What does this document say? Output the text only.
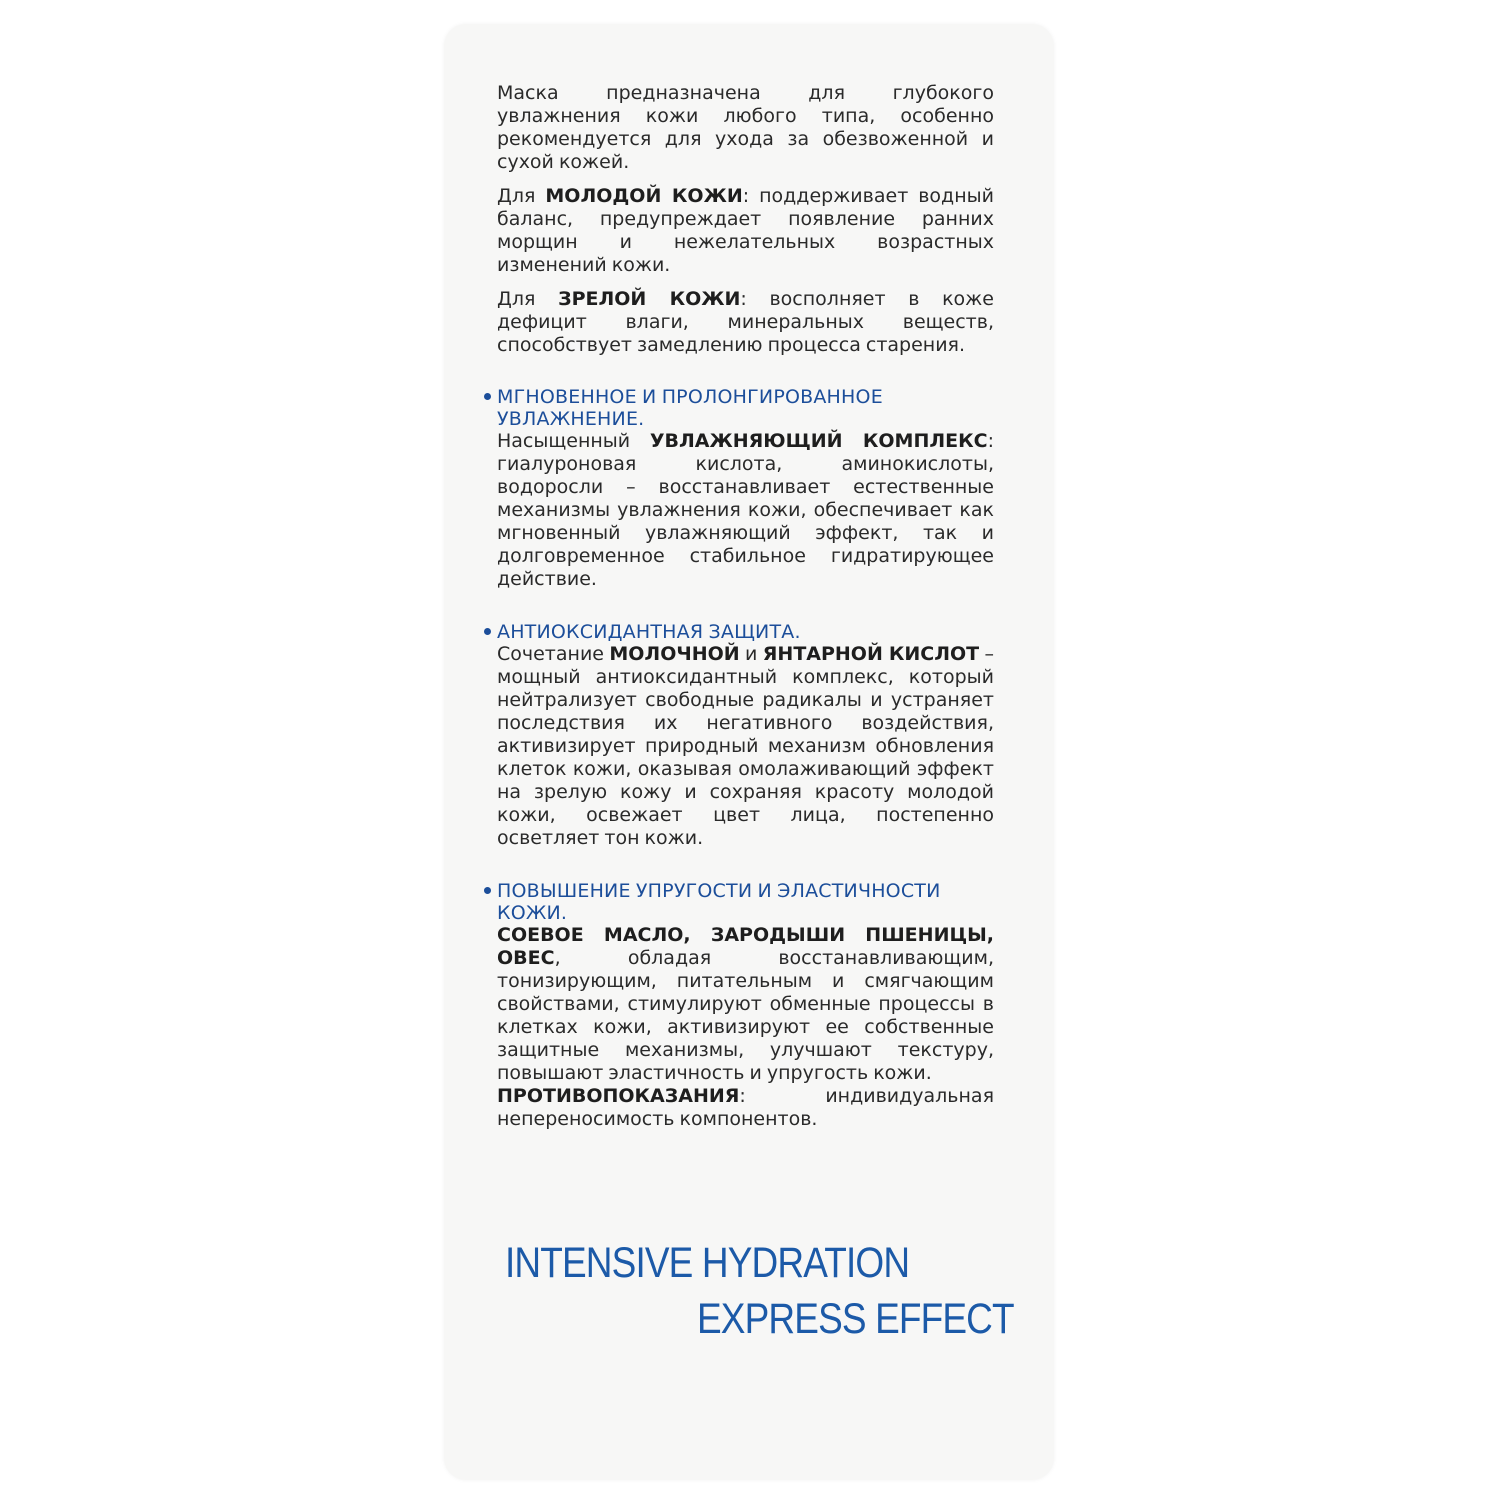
Маска предназначена для глубокого увлажнения кожи любого типа, особенно рекомендуется для ухода за обезвоженной и сухой кожей.

Для МОЛОДОЙ КОЖИ: поддерживает водный баланс, предупреждает появление ранних морщин и нежелательных возрастных изменений кожи.

Для ЗРЕЛОЙ КОЖИ: восполняет в коже дефицит влаги, минеральных веществ, способствует замедлению процесса старения.

МГНОВЕННОЕ И ПРОЛОНГИРОВАННОЕ УВЛАЖНЕНИЕ.

Насыщенный УВЛАЖНЯЮЩИЙ КОМПЛЕКС: гиалуроновая кислота, аминокислоты, водоросли – восстанавливает естественные механизмы увлажнения кожи, обеспечивает как мгновенный увлажняющий эффект, так и долговременное стабильное гидратирующее действие.

АНТИОКСИДАНТНАЯ ЗАЩИТА.

Сочетание МОЛОЧНОЙ и ЯНТАРНОЙ КИСЛОТ – мощный антиоксидантный комплекс, который нейтрализует свободные радикалы и устраняет последствия их негативного воздействия, активизирует природный механизм обновления клеток кожи, оказывая омолаживающий эффект на зрелую кожу и сохраняя красоту молодой кожи, освежает цвет лица, постепенно осветляет тон кожи.

ПОВЫШЕНИЕ УПРУГОСТИ И ЭЛАСТИЧНОСТИ КОЖИ.

СОЕВОЕ МАСЛО, ЗАРОДЫШИ ПШЕНИЦЫ, ОВЕС, обладая восстанавливающим, тонизирующим, питательным и смягчающим свойствами, стимулируют обменные процессы в клетках кожи, активизируют ее собственные защитные механизмы, улучшают текстуру, повышают эластичность и упругость кожи.

ПРОТИВОПОКАЗАНИЯ: индивидуальная непереносимость компонентов.

INTENSIVE HYDRATION
EXPRESS EFFECT
